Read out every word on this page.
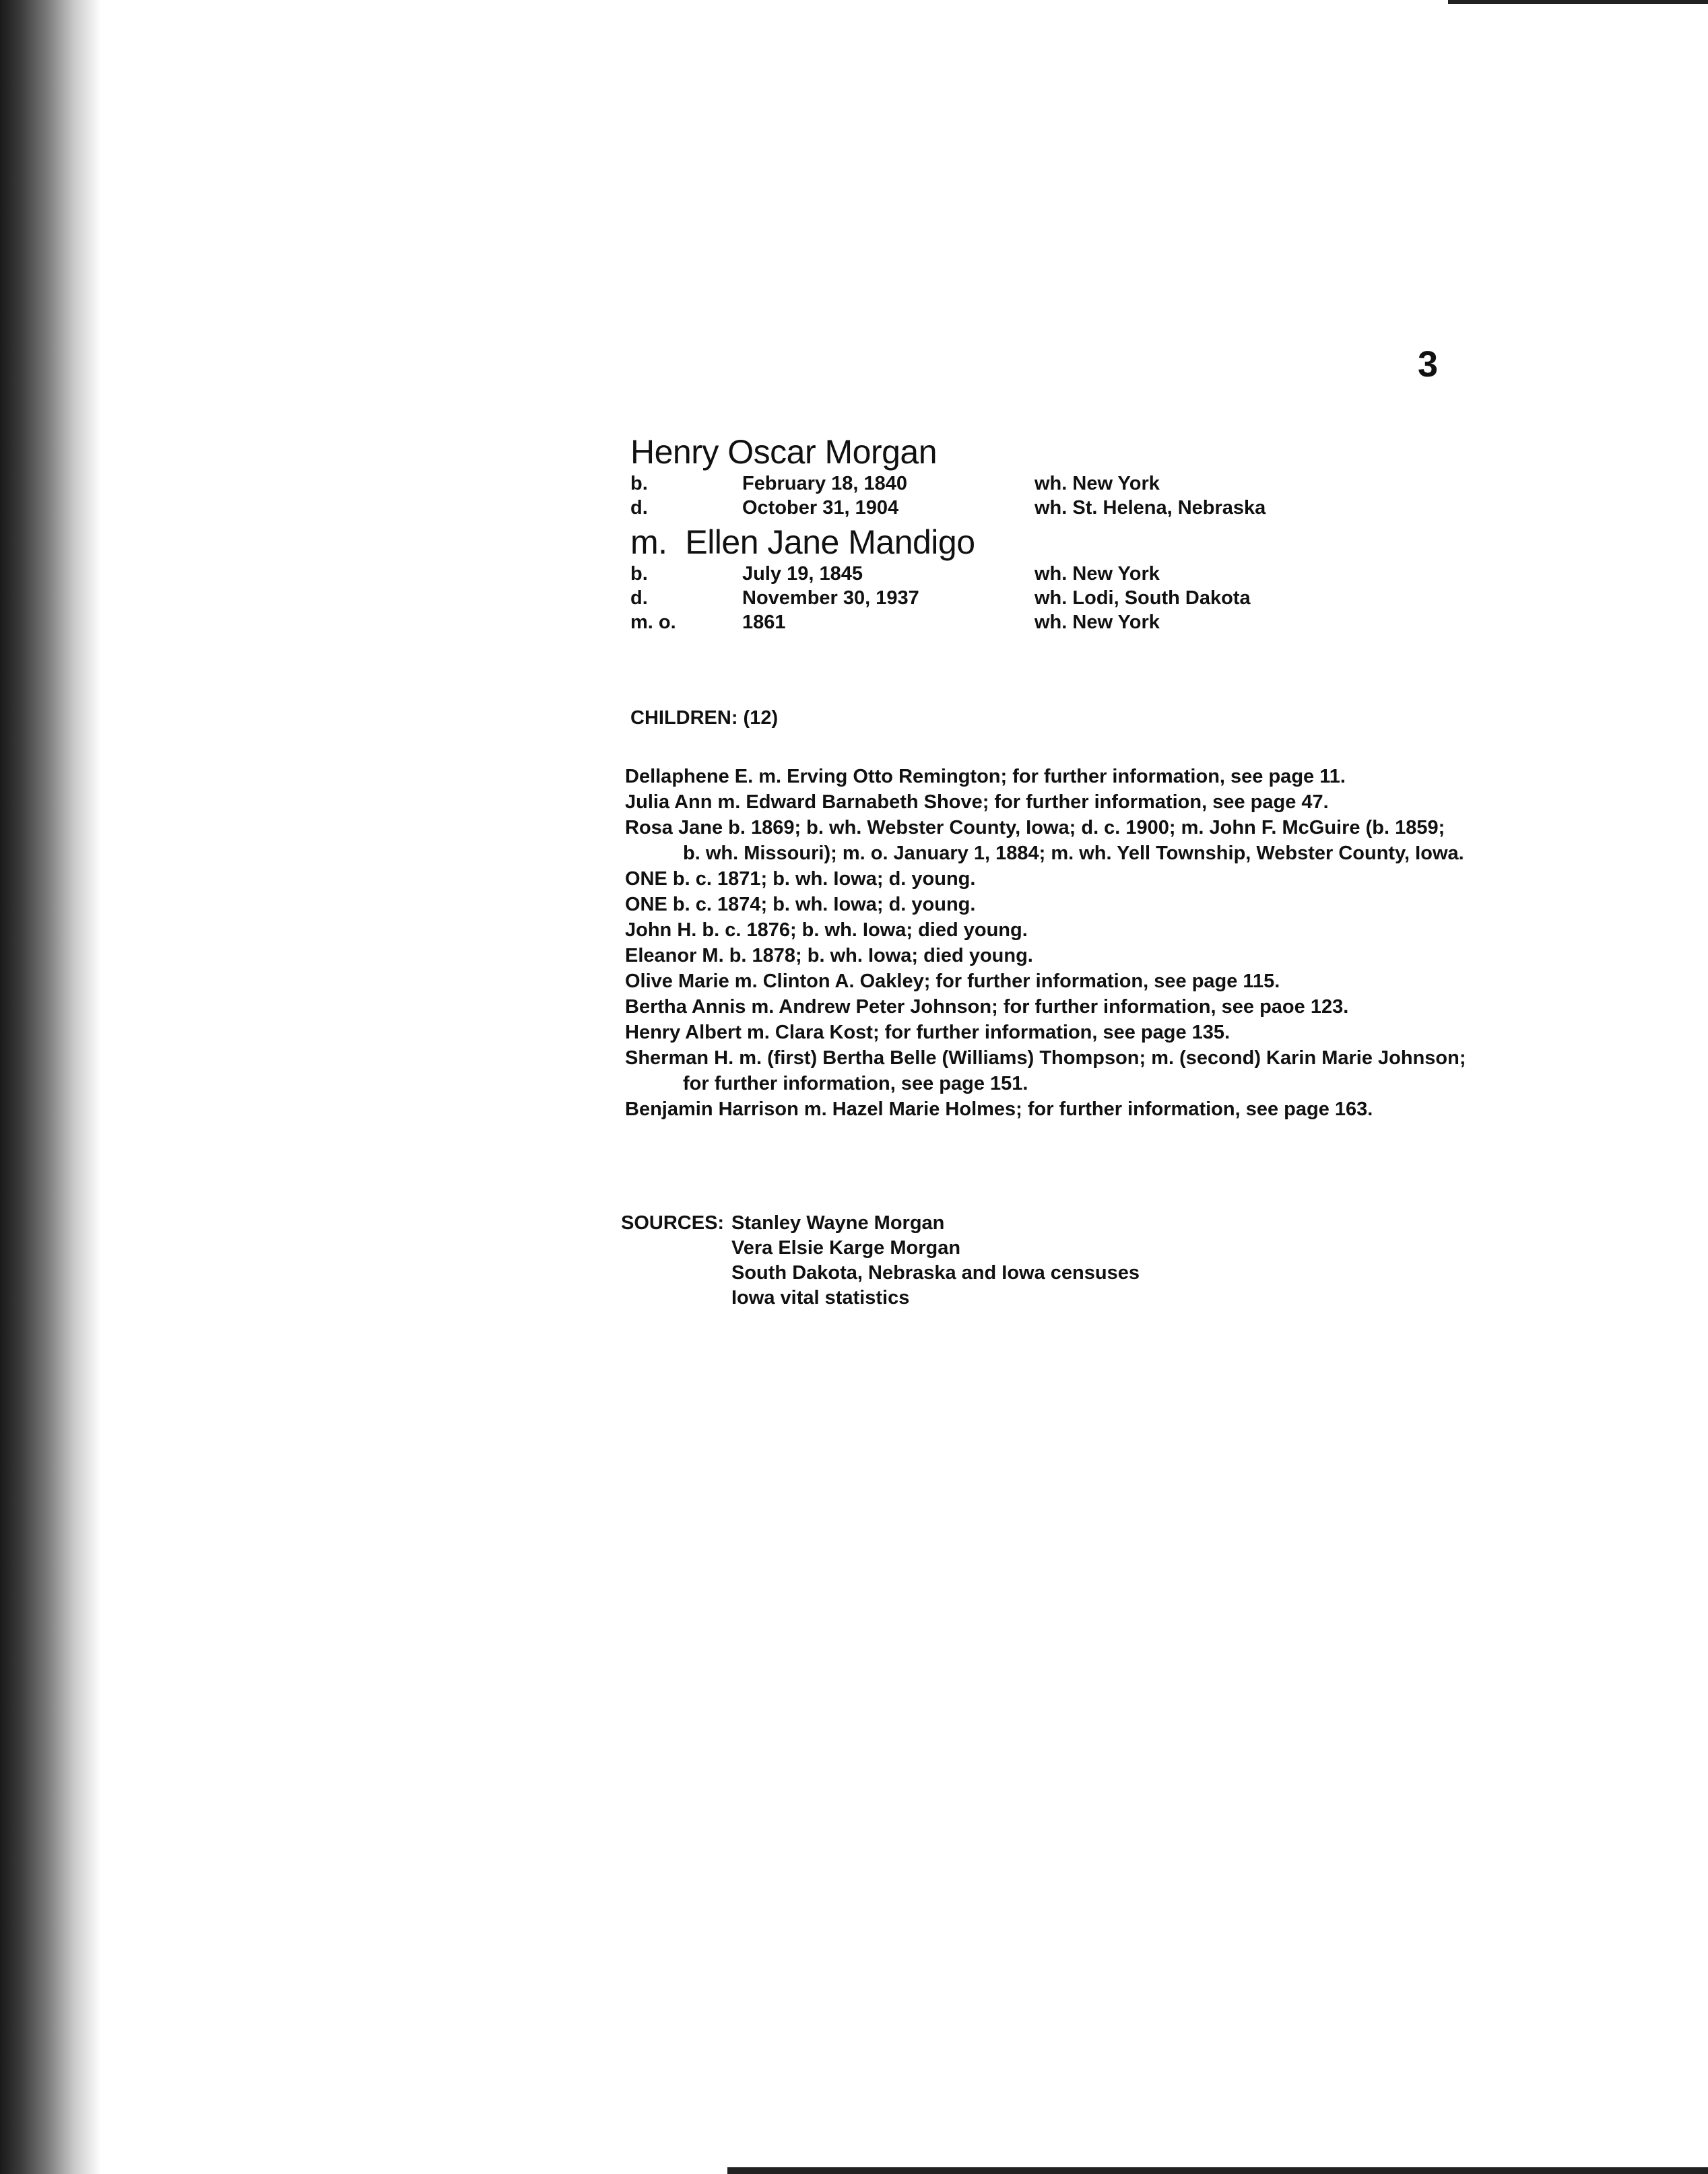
3
Henry Oscar Morgan
b.	February 18, 1840	wh. New York
d.	October 31, 1904	wh. St. Helena, Nebraska
m. Ellen Jane Mandigo
b.	July 19, 1845	wh. New York
d.	November 30, 1937	wh. Lodi, South Dakota
m. o.	1861	wh. New York
CHILDREN: (12)
Dellaphene E. m. Erving Otto Remington; for further information, see page 11.
Julia Ann m. Edward Barnabeth Shove; for further information, see page 47.
Rosa Jane b. 1869; b. wh. Webster County, Iowa; d. c. 1900; m. John F. McGuire (b. 1859; b. wh. Missouri); m. o. January 1, 1884; m. wh. Yell Township, Webster County, Iowa.
ONE b. c. 1871; b. wh. Iowa; d. young.
ONE b. c. 1874; b. wh. Iowa; d. young.
John H. b. c. 1876; b. wh. Iowa; died young.
Eleanor M. b. 1878; b. wh. Iowa; died young.
Olive Marie m. Clinton A. Oakley; for further information, see page 115.
Bertha Annis m. Andrew Peter Johnson; for further information, see paoe 123.
Henry Albert m. Clara Kost; for further information, see page 135.
Sherman H. m. (first) Bertha Belle (Williams) Thompson; m. (second) Karin Marie Johnson; for further information, see page 151.
Benjamin Harrison m. Hazel Marie Holmes; for further information, see page 163.
SOURCES: Stanley Wayne Morgan
Vera Elsie Karge Morgan
South Dakota, Nebraska and Iowa censuses
Iowa vital statistics
